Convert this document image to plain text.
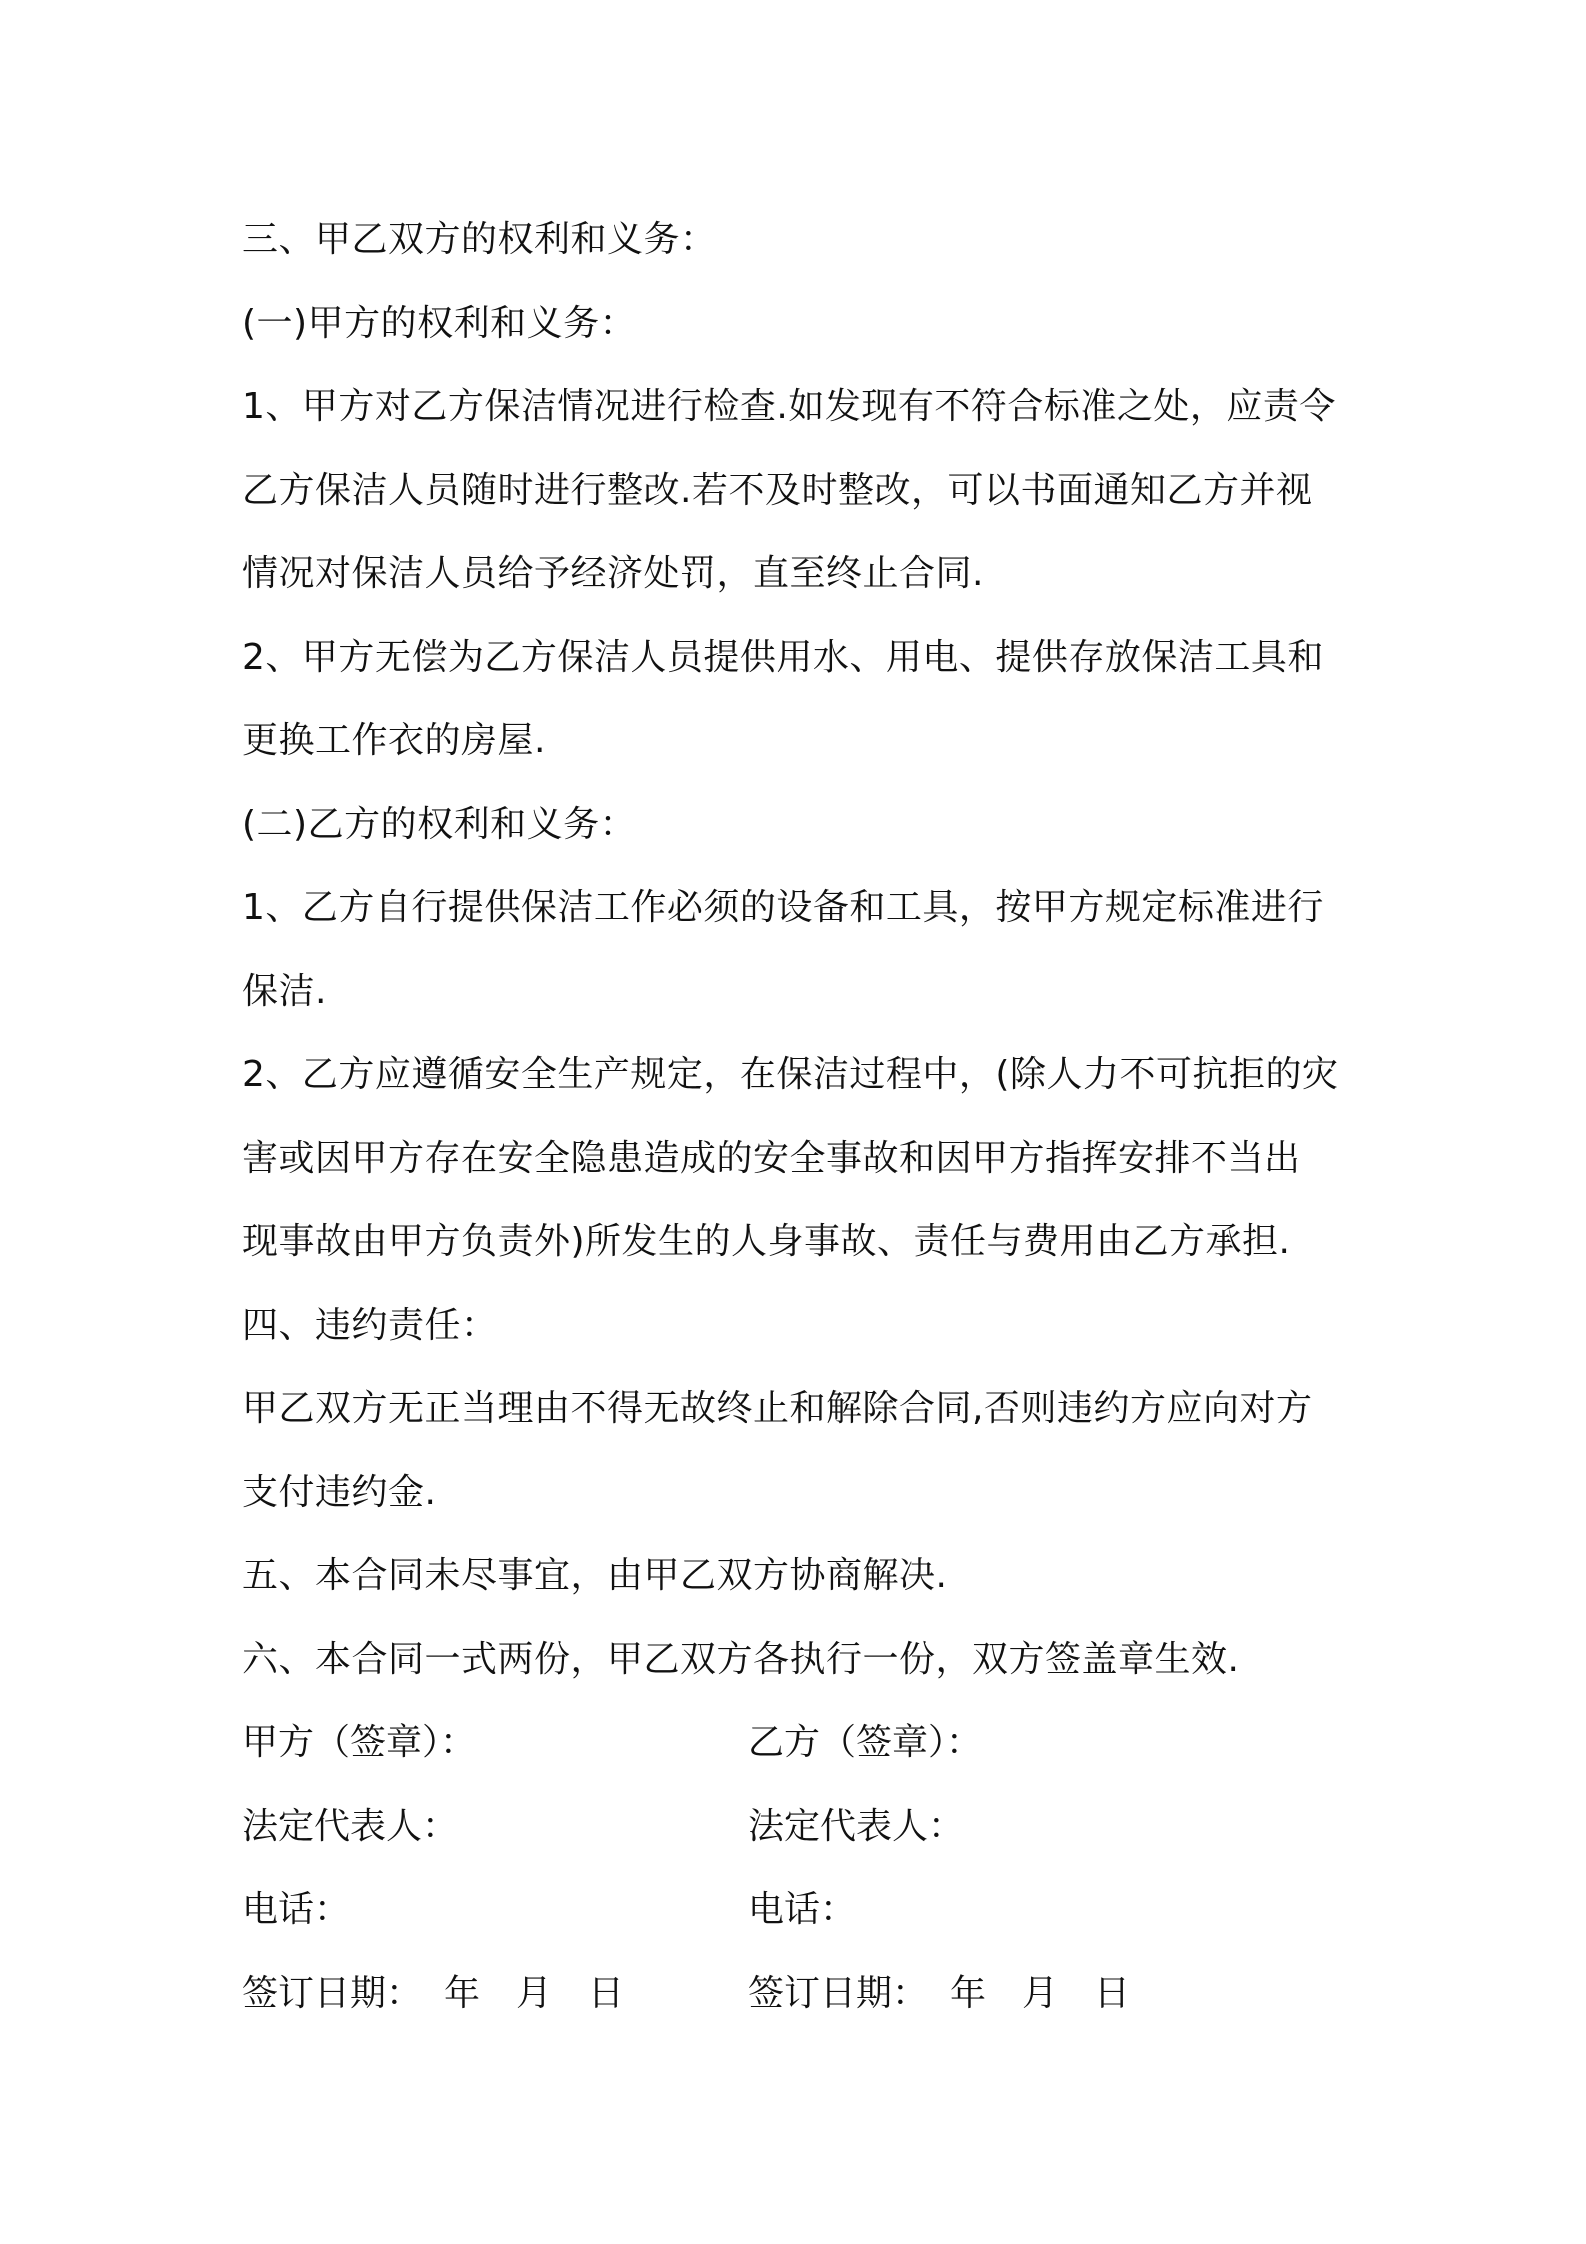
三、甲乙双方的权利和义务：
(一)甲方的权利和义务：
1、甲方对乙方保洁情况进行检查.如发现有不符合标准之处，应责令
乙方保洁人员随时进行整改.若不及时整改，可以书面通知乙方并视
情况对保洁人员给予经济处罚，直至终止合同.
2、甲方无偿为乙方保洁人员提供用水、用电、提供存放保洁工具和
更换工作衣的房屋.
(二)乙方的权利和义务：
1、乙方自行提供保洁工作必须的设备和工具，按甲方规定标准进行
保洁.
2、乙方应遵循安全生产规定，在保洁过程中，(除人力不可抗拒的灾
害或因甲方存在安全隐患造成的安全事故和因甲方指挥安排不当出
现事故由甲方负责外)所发生的人身事故、责任与费用由乙方承担.
四、违约责任：
甲乙双方无正当理由不得无故终止和解除合同,否则违约方应向对方
支付违约金.
五、本合同未尽事宜，由甲乙双方协商解决.
六、本合同一式两份，甲乙双方各执行一份，双方签盖章生效.
甲方（签章）：	乙方（签章）：
法定代表人：	法定代表人：
电话：	电话：
签订日期： 年 月 日	签订日期： 年 月 日
